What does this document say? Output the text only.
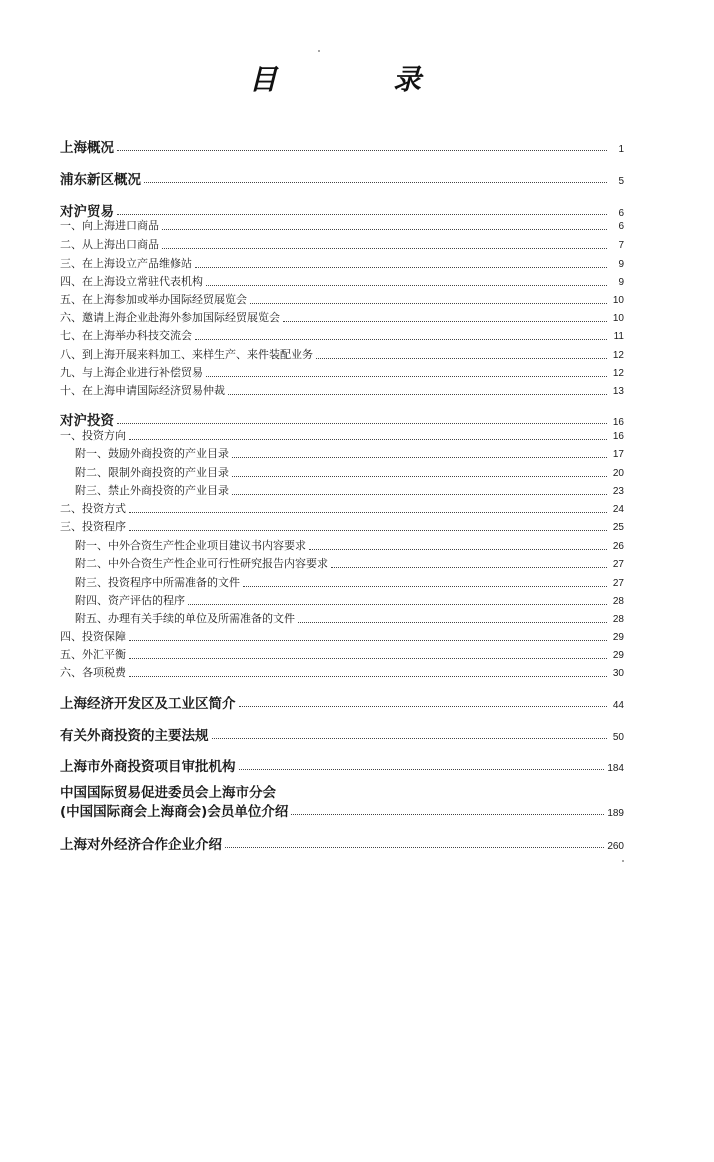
目　录
上海概况	1
浦东新区概况	5
对沪贸易	6
一、向上海进口商品	6
二、从上海出口商品	7
三、在上海设立产品维修站	9
四、在上海设立常驻代表机构	9
五、在上海参加或举办国际经贸展览会	10
六、邀请上海企业赴海外参加国际经贸展览会	10
七、在上海举办科技交流会	11
八、到上海开展来料加工、来样生产、来件装配业务	12
九、与上海企业进行补偿贸易	12
十、在上海申请国际经济贸易仲裁	13
对沪投资	16
一、投资方向	16
附一、鼓励外商投资的产业目录	17
附二、限制外商投资的产业目录	20
附三、禁止外商投资的产业目录	23
二、投资方式	24
三、投资程序	25
附一、中外合资生产性企业项目建议书内容要求	26
附二、中外合资生产性企业可行性研究报告内容要求	27
附三、投资程序中所需准备的文件	27
附四、资产评估的程序	28
附五、办理有关手续的单位及所需准备的文件	28
四、投资保障	29
五、外汇平衡	29
六、各项税费	30
上海经济开发区及工业区简介	44
有关外商投资的主要法规	50
上海市外商投资项目审批机构	184
中国国际贸易促进委员会上海市分会
(中国国际商会上海商会)会员单位介绍	189
上海对外经济合作企业介绍	260
